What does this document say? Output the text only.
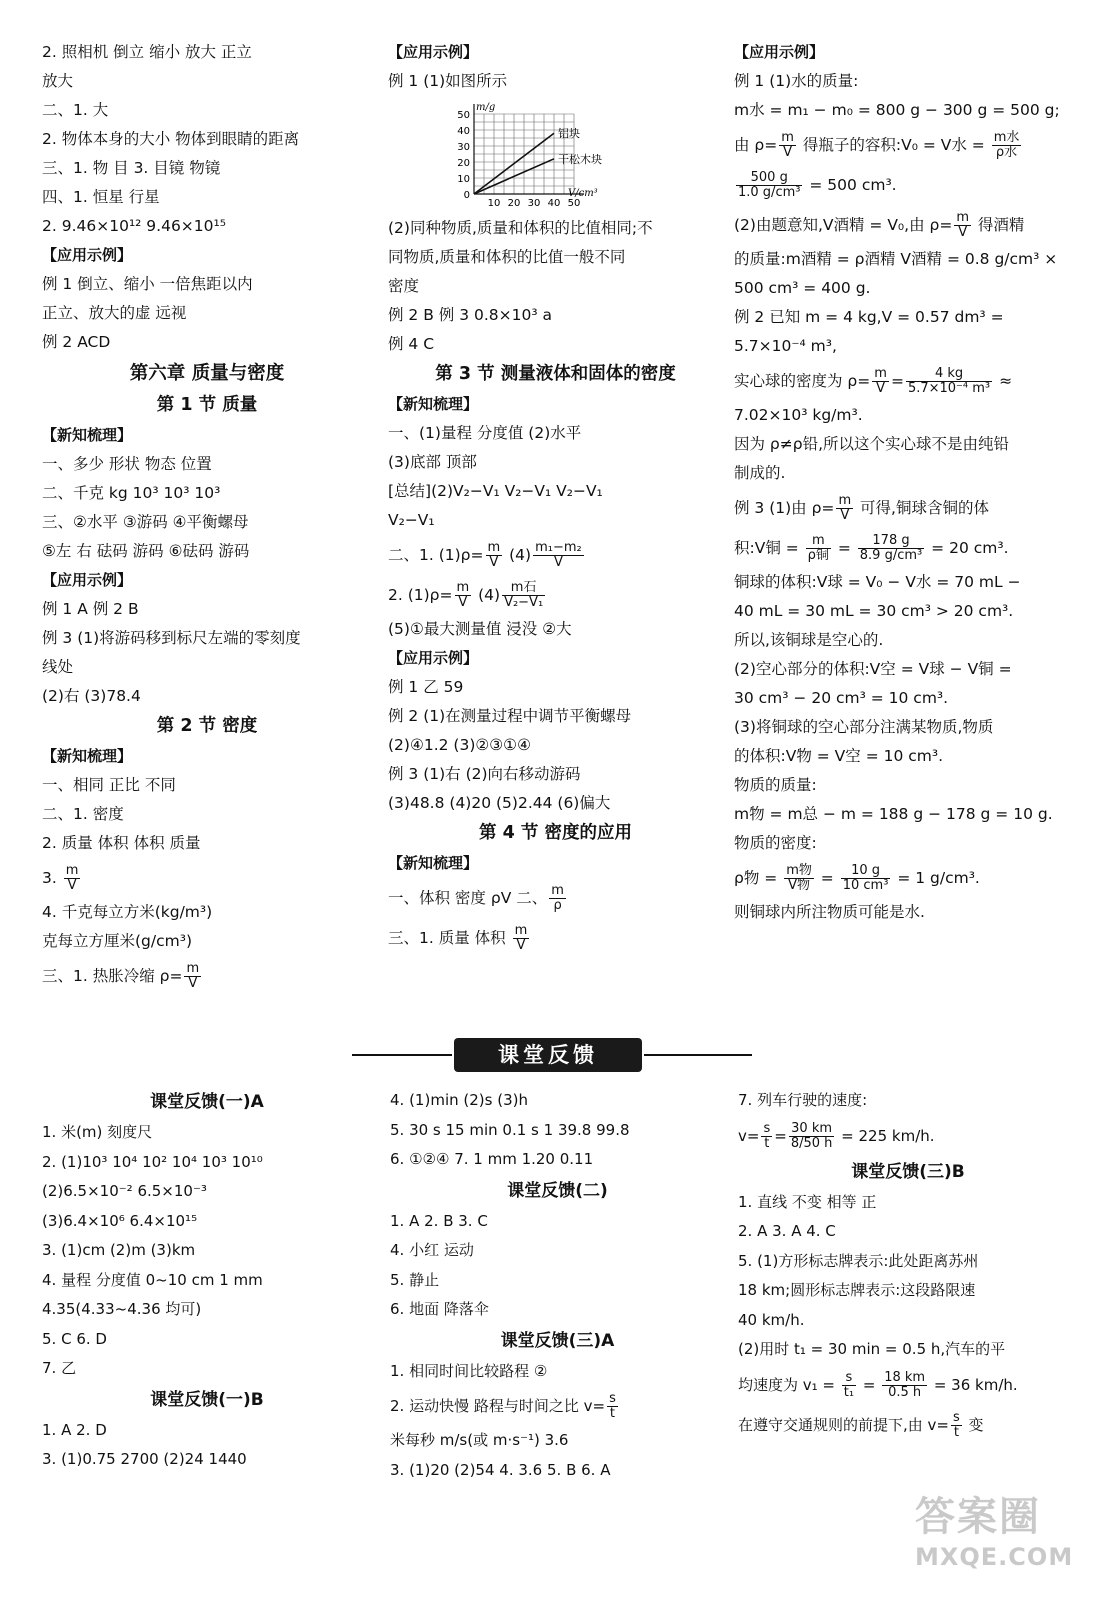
2. 照相机 倒立 缩小 放大 正立
放大
二、1. 大
2. 物体本身的大小 物体到眼睛的距离
三、1. 物 目 3. 目镜 物镜
四、1. 恒星 行星
2. 9.46×10¹² 9.46×10¹⁵
【应用示例】
例 1 倒立、缩小 一倍焦距以内
正立、放大的虚 远视
例 2 ACD
第六章 质量与密度
第 1 节 质量
【新知梳理】
一、多少 形状 物态 位置
二、千克 kg 10³ 10³ 10³
三、②水平 ③游码 ④平衡螺母
⑤左 右 砝码 游码 ⑥砝码 游码
【应用示例】
例 1 A 例 2 B
例 3 (1)将游码移到标尺左端的零刻度
线处
(2)右 (3)78.4
第 2 节 密度
【新知梳理】
一、相同 正比 不同
二、1. 密度
2. 质量 体积 体积 质量
3. $\frac{m}{V}$
4. 千克每立方米(kg/m³)
克每立方厘米(g/cm³)
三、1. 热胀冷缩 $\rho= \frac{m}{V}$
【应用示例】
例 1 (1)如图所示
0
10
20
30
40
50
10 20 30 40 50
m/g
V/cm³
铝块
干松木块
(2)同种物质,质量和体积的比值相同;不
同物质,质量和体积的比值一般不同
密度
例 2 B 例 3 0.8×10³ a
例 4 C
第 3 节 测量液体和固体的密度
【新知梳理】
一、(1)量程 分度值 (2)水平
(3)底部 顶部
[总结](2)V₂−V₁ V₂−V₁ V₂−V₁
V₂−V₁
二、1. $(1)\rho= \frac{m}{V} (4) \frac{\text{m₁−m₂}}{V}$
2. $(1)\rho= \frac{m}{V} (4) \frac{\text{m石}}{\text{V₂−V₁}}$
(5)①最大测量值 浸没 ②大
【应用示例】
例 1 乙 59
例 2 (1)在测量过程中调节平衡螺母
(2)④1.2 (3)②③①④
例 3 (1)右 (2)向右移动游码
(3)48.8 (4)20 (5)2.44 (6)偏大
第 4 节 密度的应用
【新知梳理】
一、体积 密度 ρV 二、 $\frac{m}{\rho}$
三、1. 质量 体积 $\frac{m}{V}$
【应用示例】
例 1 (1)水的质量:
m水 = m₁ − m₀ = 800 g − 300 g = 500 g;
由 $\rho= \frac{m}{V}$ 得瓶子的容积:V₀ = V水 = $\frac{\text{m水}}{\text{ρ水}}$
$\frac{500 g}{\text{1.0 g/cm³}} = 500$ cm³.
(2)由题意知,V酒精 = V₀,由 $\rho= \frac{m}{V}$ 得酒精
的质量:m酒精 = ρ酒精 V酒精 = 0.8 g/cm³ ×
500 cm³ = 400 g.
例 2 已知 m = 4 kg,V = 0.57 dm³ =
5.7×10⁻⁴ m³,
实心球的密度为 $\rho= \frac{m}{V} = \frac{4 kg}{\text{5.7×10⁻⁴ m³}}$ ≈
7.02×10³ kg/m³.
因为 ρ≠ρ铅,所以这个实心球不是由纯铅
制成的.
例 3 (1)由 $\rho= \frac{m}{V}$ 可得,铜球含铜的体
积:V铜 = $\frac{m}{\text{ρ铜}} = \frac{178 g}{\text{8.9 g/cm³}} = 20$ cm³.
铜球的体积:V球 = V₀ − V水 = 70 mL −
40 mL = 30 mL = 30 cm³ > 20 cm³.
所以,该铜球是空心的.
(2)空心部分的体积:V空 = V球 − V铜 =
30 cm³ − 20 cm³ = 10 cm³.
(3)将铜球的空心部分注满某物质,物质
的体积:V物 = V空 = 10 cm³.
物质的质量:
m物 = m总 − m = 188 g − 178 g = 10 g.
物质的密度:
ρ物 = $\frac{\text{m物}}{\text{V物}} = \frac{10 g}{\text{10 cm³}} = 1$ g/cm³.
则铜球内所注物质可能是水.
课堂反馈
课堂反馈(一)A
1. 米(m) 刻度尺
2. (1)10³ 10⁴ 10² 10⁴ 10³ 10¹⁰
(2)6.5×10⁻² 6.5×10⁻³
(3)6.4×10⁶ 6.4×10¹⁵
3. (1)cm (2)m (3)km
4. 量程 分度值 0~10 cm 1 mm
4.35(4.33~4.36 均可)
5. C 6. D
7. 乙
课堂反馈(一)B
1. A 2. D
3. (1)0.75 2700 (2)24 1440
4. (1)min (2)s (3)h
5. 30 s 15 min 0.1 s 1 39.8 99.8
6. ①②④ 7. 1 mm 1.20 0.11
课堂反馈(二)
1. A 2. B 3. C
4. 小红 运动
5. 静止
6. 地面 降落伞
课堂反馈(三)A
1. 相同时间比较路程 ②
2. 运动快慢 路程与时间之比 $v= \frac{s}{t}$
米每秒 m/s(或 m·s⁻¹) 3.6
3. (1)20 (2)54 4. 3.6 5. B 6. A
7. 列车行驶的速度:
$v= \frac{s}{t} = \frac{30 km}{8/50 h} = 225$ km/h.
课堂反馈(三)B
1. 直线 不变 相等 正
2. A 3. A 4. C
5. (1)方形标志牌表示:此处距离苏州
18 km;圆形标志牌表示:这段路限速
40 km/h.
(2)用时 t₁ = 30 min = 0.5 h,汽车的平
均速度为 $v_1 = \frac{s}{\text{t₁}} = \frac{18 km}{0.5 h} = 36$ km/h.
在遵守交通规则的前提下,由 $v= \frac{s}{t}$ 变
答案圈
MXQE.COM
